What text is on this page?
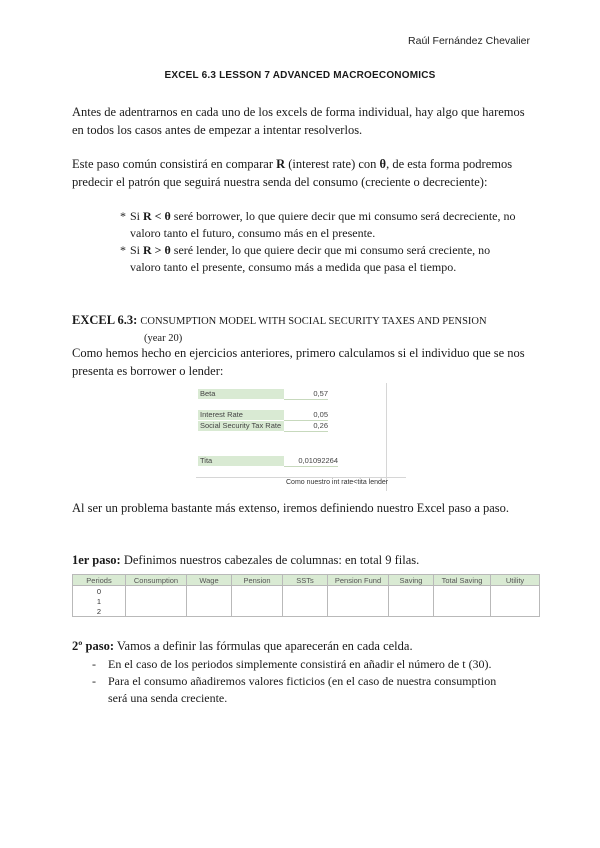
Raúl Fernández Chevalier
EXCEL 6.3 LESSON 7 ADVANCED MACROECONOMICS

Antes de adentrarnos en cada uno de los excels de forma individual, hay algo que haremos en todos los casos antes de empezar a intentar resolverlos.

Este paso común consistirá en comparar R (interest rate) con θ, de esta forma podremos predecir el patrón que seguirá nuestra senda del consumo (creciente o decreciente):

* Si R < θ seré borrower, lo que quiere decir que mi consumo será decreciente, no valoro tanto el futuro, consumo más en el presente.
* Si R > θ seré lender, lo que quiere decir que mi consumo será creciente, no valoro tanto el presente, consumo más a medida que pasa el tiempo.
EXCEL 6.3: CONSUMPTION MODEL WITH SOCIAL SECURITY TAXES AND PENSION
(year 20)

Como hemos hecho en ejercicios anteriores, primero calculamos si el individuo que se nos presenta es borrower o lender:

Beta	0,57
Interest Rate	0,05
Social Security Tax Rate	0,26
Tita	0,01092264
Como nuestro int rate<tita lender

Al ser un problema bastante más extenso, iremos definiendo nuestro Excel paso a paso.

1er paso: Definimos nuestros cabezales de columnas: en total 9 filas.

Periods	Consumption	Wage	Pension	SSTs	Pension Fund	Saving	Total Saving	Utility
0								
1								
2								

2º paso: Vamos a definir las fórmulas que aparecerán en cada celda.

-	En el caso de los periodos simplemente consistirá en añadir el número de t (30).
-	Para el consumo añadiremos valores ficticios (en el caso de nuestra consumption será una senda creciente.
